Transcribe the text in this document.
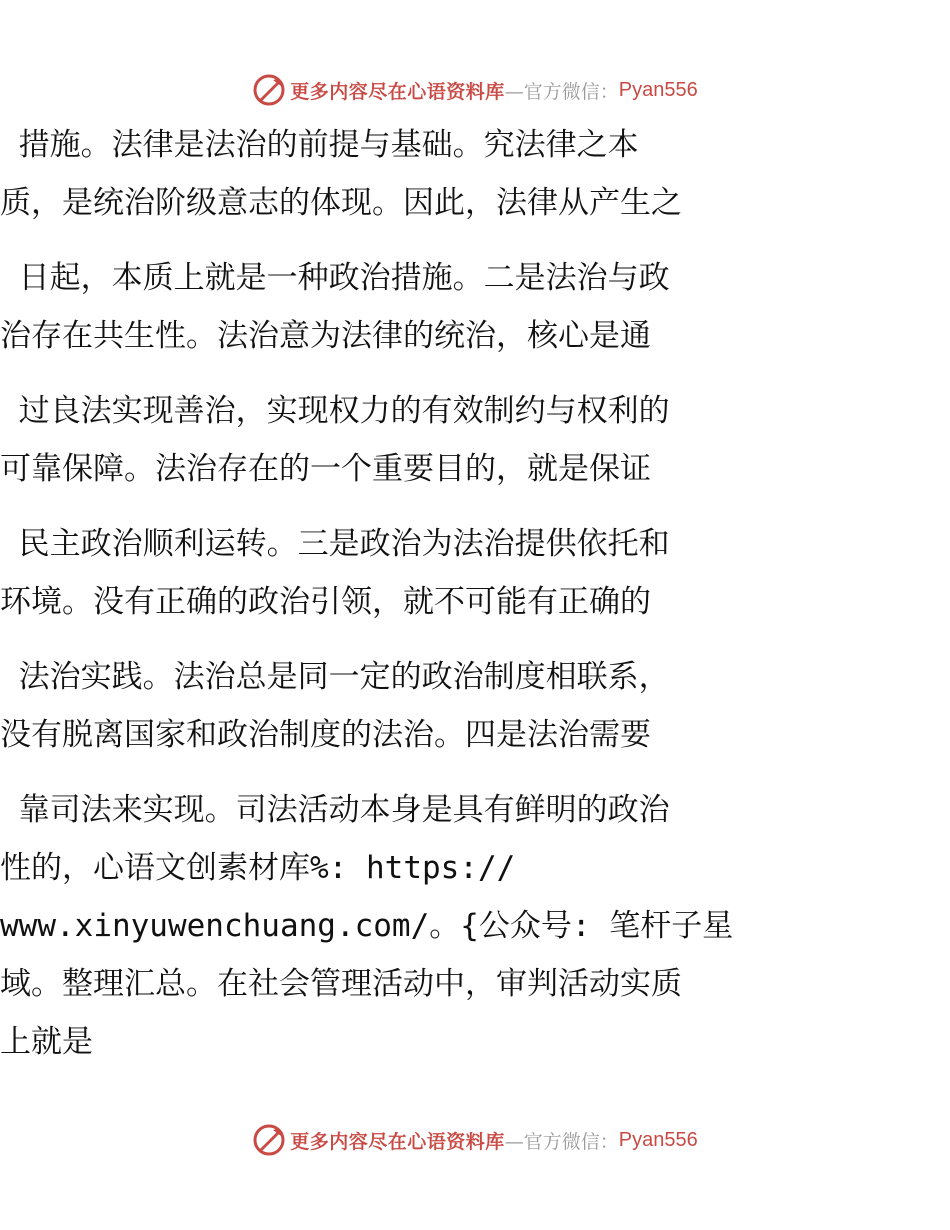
更多内容尽在心语资料库 —官方微信： Pyan556
措施。法律是法治的前提与基础。究法律之本
质，是统治阶级意志的体现。因此，法律从产生之
日起，本质上就是一种政治措施。二是法治与政
治存在共生性。法治意为法律的统治，核心是通
过良法实现善治，实现权力的有效制约与权利的
可靠保障。法治存在的一个重要目的，就是保证
民主政治顺利运转。三是政治为法治提供依托和
环境。没有正确的政治引领，就不可能有正确的
法治实践。法治总是同一定的政治制度相联系，
没有脱离国家和政治制度的法治。四是法治需要
靠司法来实现。司法活动本身是具有鲜明的政治
性的，心语文创素材库%: https://
www.xinyuwenchuang.com/。{公众号: 笔杆子星
域。整理汇总。在社会管理活动中，审判活动实质
上就是
更多内容尽在心语资料库 —官方微信： Pyan556
